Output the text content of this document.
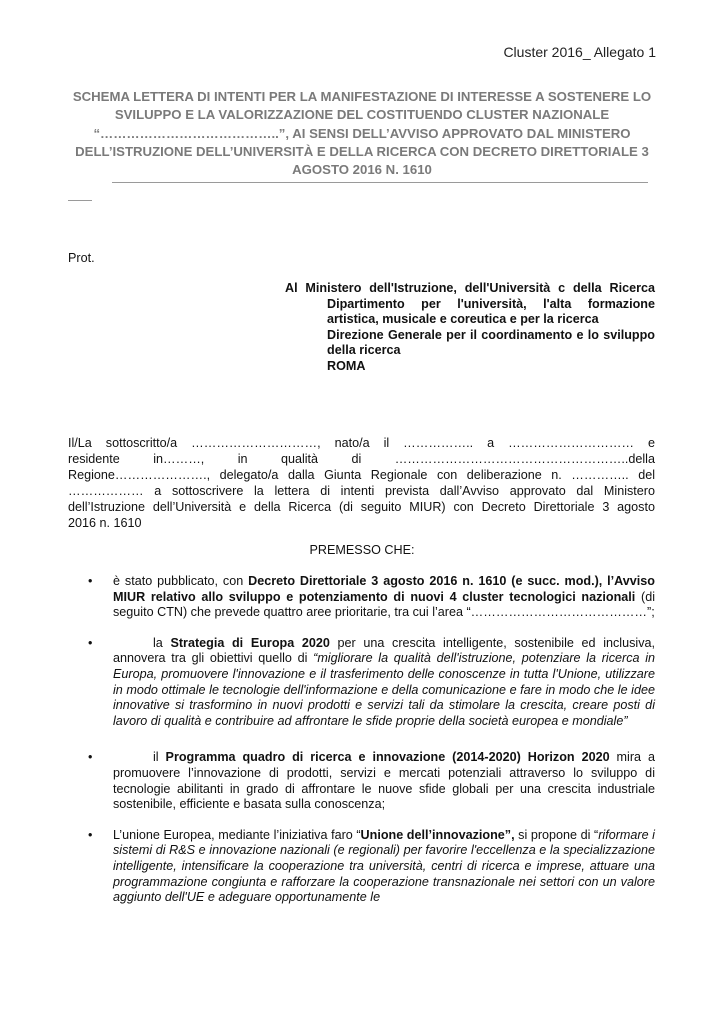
Cluster 2016_ Allegato 1
SCHEMA LETTERA DI INTENTI PER LA MANIFESTAZIONE DI INTERESSE A SOSTENERE LO SVILUPPO E LA VALORIZZAZIONE DEL COSTITUENDO CLUSTER NAZIONALE “…………………………………..”, AI SENSI DELL’AVVISO APPROVATO DAL MINISTERO DELL’ISTRUZIONE DELL’UNIVERSITÀ E DELLA RICERCA CON DECRETO DIRETTORIALE 3 AGOSTO 2016 N. 1610
Prot.
Al Ministero dell'Istruzione, dell'Università c della Ricerca
Dipartimento per l'università, l'alta formazione artistica, musicale e coreutica e per la ricerca
Direzione Generale per il coordinamento e lo sviluppo della ricerca
ROMA
Il/La sottoscritto/a …………………………, nato/a il …………….. a ………………………… e
residente in………, in qualità di ………………………………………………..della
Regione…………………., delegato/a dalla Giunta Regionale con deliberazione n. ………….. del
……………… a sottoscrivere la lettera di intenti prevista dall’Avviso approvato dal Ministero
dell’Istruzione dell’Università e della Ricerca (di seguito MIUR) con Decreto Direttoriale 3 agosto
2016 n. 1610
PREMESSO CHE:
• è stato pubblicato, con Decreto Direttoriale 3 agosto 2016 n. 1610 (e succ. mod.), l’Avviso MIUR relativo allo sviluppo e potenziamento di nuovi 4 cluster tecnologici nazionali (di seguito CTN) che prevede quattro aree prioritarie, tra cui l’area “……………………………………”;
•	la Strategia di Europa 2020 per una crescita intelligente, sostenibile ed inclusiva, annovera tra gli obiettivi quello di “migliorare la qualità dell'istruzione, potenziare la ricerca in Europa, promuovere l'innovazione e il trasferimento delle conoscenze in tutta l'Unione, utilizzare in modo ottimale le tecnologie dell'informazione e della comunicazione e fare in modo che le idee innovative si trasformino in nuovi prodotti e servizi tali da stimolare la crescita, creare posti di lavoro di qualità e contribuire ad affrontare le sfide proprie della società europea e mondiale”
•	il Programma quadro di ricerca e innovazione (2014-2020) Horizon 2020 mira a promuovere l’innovazione di prodotti, servizi e mercati potenziali attraverso lo sviluppo di tecnologie abilitanti in grado di affrontare le nuove sfide globali per una crescita industriale sostenibile, efficiente e basata sulla conoscenza;
• L’unione Europea, mediante l’iniziativa faro “Unione dell’innovazione”, si propone di “riformare i sistemi di R&S e innovazione nazionali (e regionali) per favorire l'eccellenza e la specializzazione intelligente, intensificare la cooperazione tra università, centri di ricerca e imprese, attuare una programmazione congiunta e rafforzare la cooperazione transnazionale nei settori con un valore aggiunto dell'UE e adeguare opportunamente le
